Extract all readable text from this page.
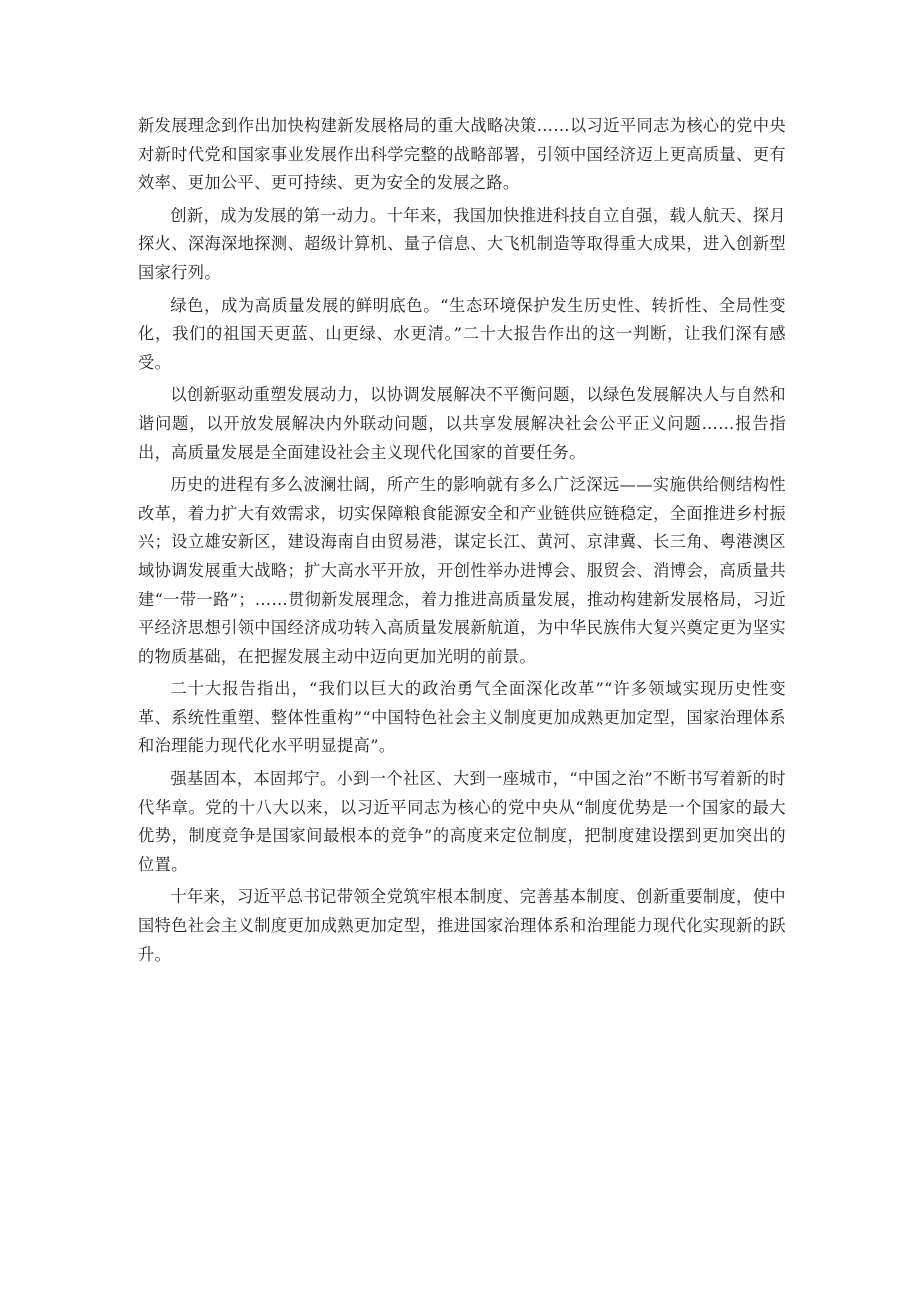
新发展理念到作出加快构建新发展格局的重大战略决策……以习近平同志为核心的党中央对新时代党和国家事业发展作出科学完整的战略部署，引领中国经济迈上更高质量、更有效率、更加公平、更可持续、更为安全的发展之路。

创新，成为发展的第一动力。十年来，我国加快推进科技自立自强，载人航天、探月探火、深海深地探测、超级计算机、量子信息、大飞机制造等取得重大成果，进入创新型国家行列。

绿色，成为高质量发展的鲜明底色。“生态环境保护发生历史性、转折性、全局性变化，我们的祖国天更蓝、山更绿、水更清。”二十大报告作出的这一判断，让我们深有感受。

以创新驱动重塑发展动力，以协调发展解决不平衡问题，以绿色发展解决人与自然和谐问题，以开放发展解决内外联动问题，以共享发展解决社会公平正义问题……报告指出，高质量发展是全面建设社会主义现代化国家的首要任务。

历史的进程有多么波澜壮阔，所产生的影响就有多么广泛深远——实施供给侧结构性改革，着力扩大有效需求，切实保障粮食能源安全和产业链供应链稳定，全面推进乡村振兴；设立雄安新区，建设海南自由贸易港，谋定长江、黄河、京津冀、长三角、粤港澳区域协调发展重大战略；扩大高水平开放，开创性举办进博会、服贸会、消博会，高质量共建“一带一路”；……贯彻新发展理念，着力推进高质量发展，推动构建新发展格局，习近平经济思想引领中国经济成功转入高质量发展新航道，为中华民族伟大复兴奠定更为坚实的物质基础，在把握发展主动中迈向更加光明的前景。

二十大报告指出，“我们以巨大的政治勇气全面深化改革”“许多领域实现历史性变革、系统性重塑、整体性重构”“中国特色社会主义制度更加成熟更加定型，国家治理体系和治理能力现代化水平明显提高”。

强基固本，本固邦宁。小到一个社区、大到一座城市，“中国之治”不断书写着新的时代华章。党的十八大以来，以习近平同志为核心的党中央从“制度优势是一个国家的最大优势，制度竞争是国家间最根本的竞争”的高度来定位制度，把制度建设摆到更加突出的位置。

十年来，习近平总书记带领全党筑牢根本制度、完善基本制度、创新重要制度，使中国特色社会主义制度更加成熟更加定型，推进国家治理体系和治理能力现代化实现新的跃升。
